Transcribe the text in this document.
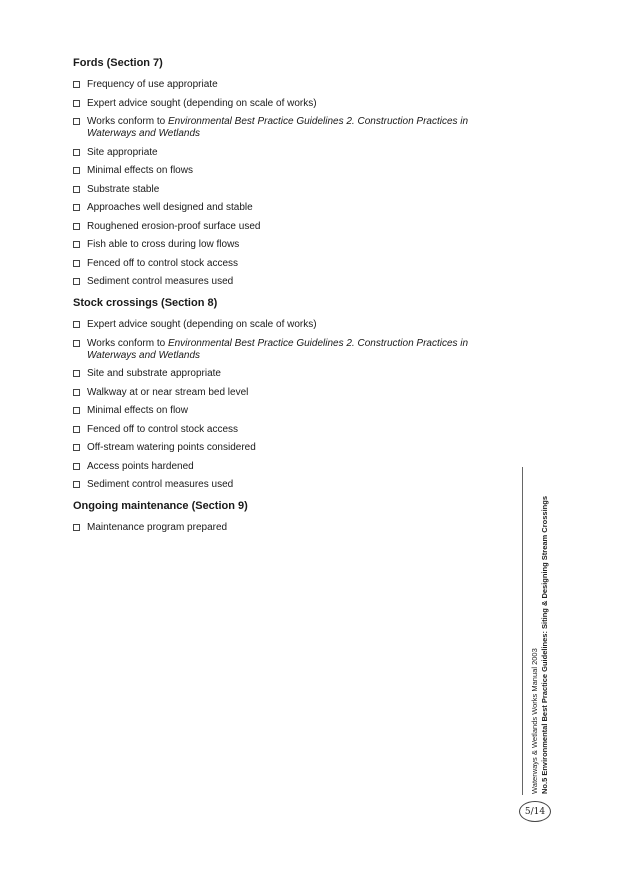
Fords (Section 7)
Frequency of use appropriate
Expert advice sought (depending on scale of works)
Works conform to Environmental Best Practice Guidelines 2. Construction Practices in Waterways and Wetlands
Site appropriate
Minimal effects on flows
Substrate stable
Approaches well designed and stable
Roughened erosion-proof surface used
Fish able to cross during low flows
Fenced off to control stock access
Sediment control measures used
Stock crossings (Section 8)
Expert advice sought (depending on scale of works)
Works conform to Environmental Best Practice Guidelines 2. Construction Practices in Waterways and Wetlands
Site and substrate appropriate
Walkway at or near stream bed level
Minimal effects on flow
Fenced off to control stock access
Off-stream watering points considered
Access points hardened
Sediment control measures used
Ongoing maintenance (Section 9)
Maintenance program prepared
Waterways & Wetlands Works Manual 2003 No.5 Environmental Best Practice Guidelines: Siting & Designing Stream Crossings
5/14
